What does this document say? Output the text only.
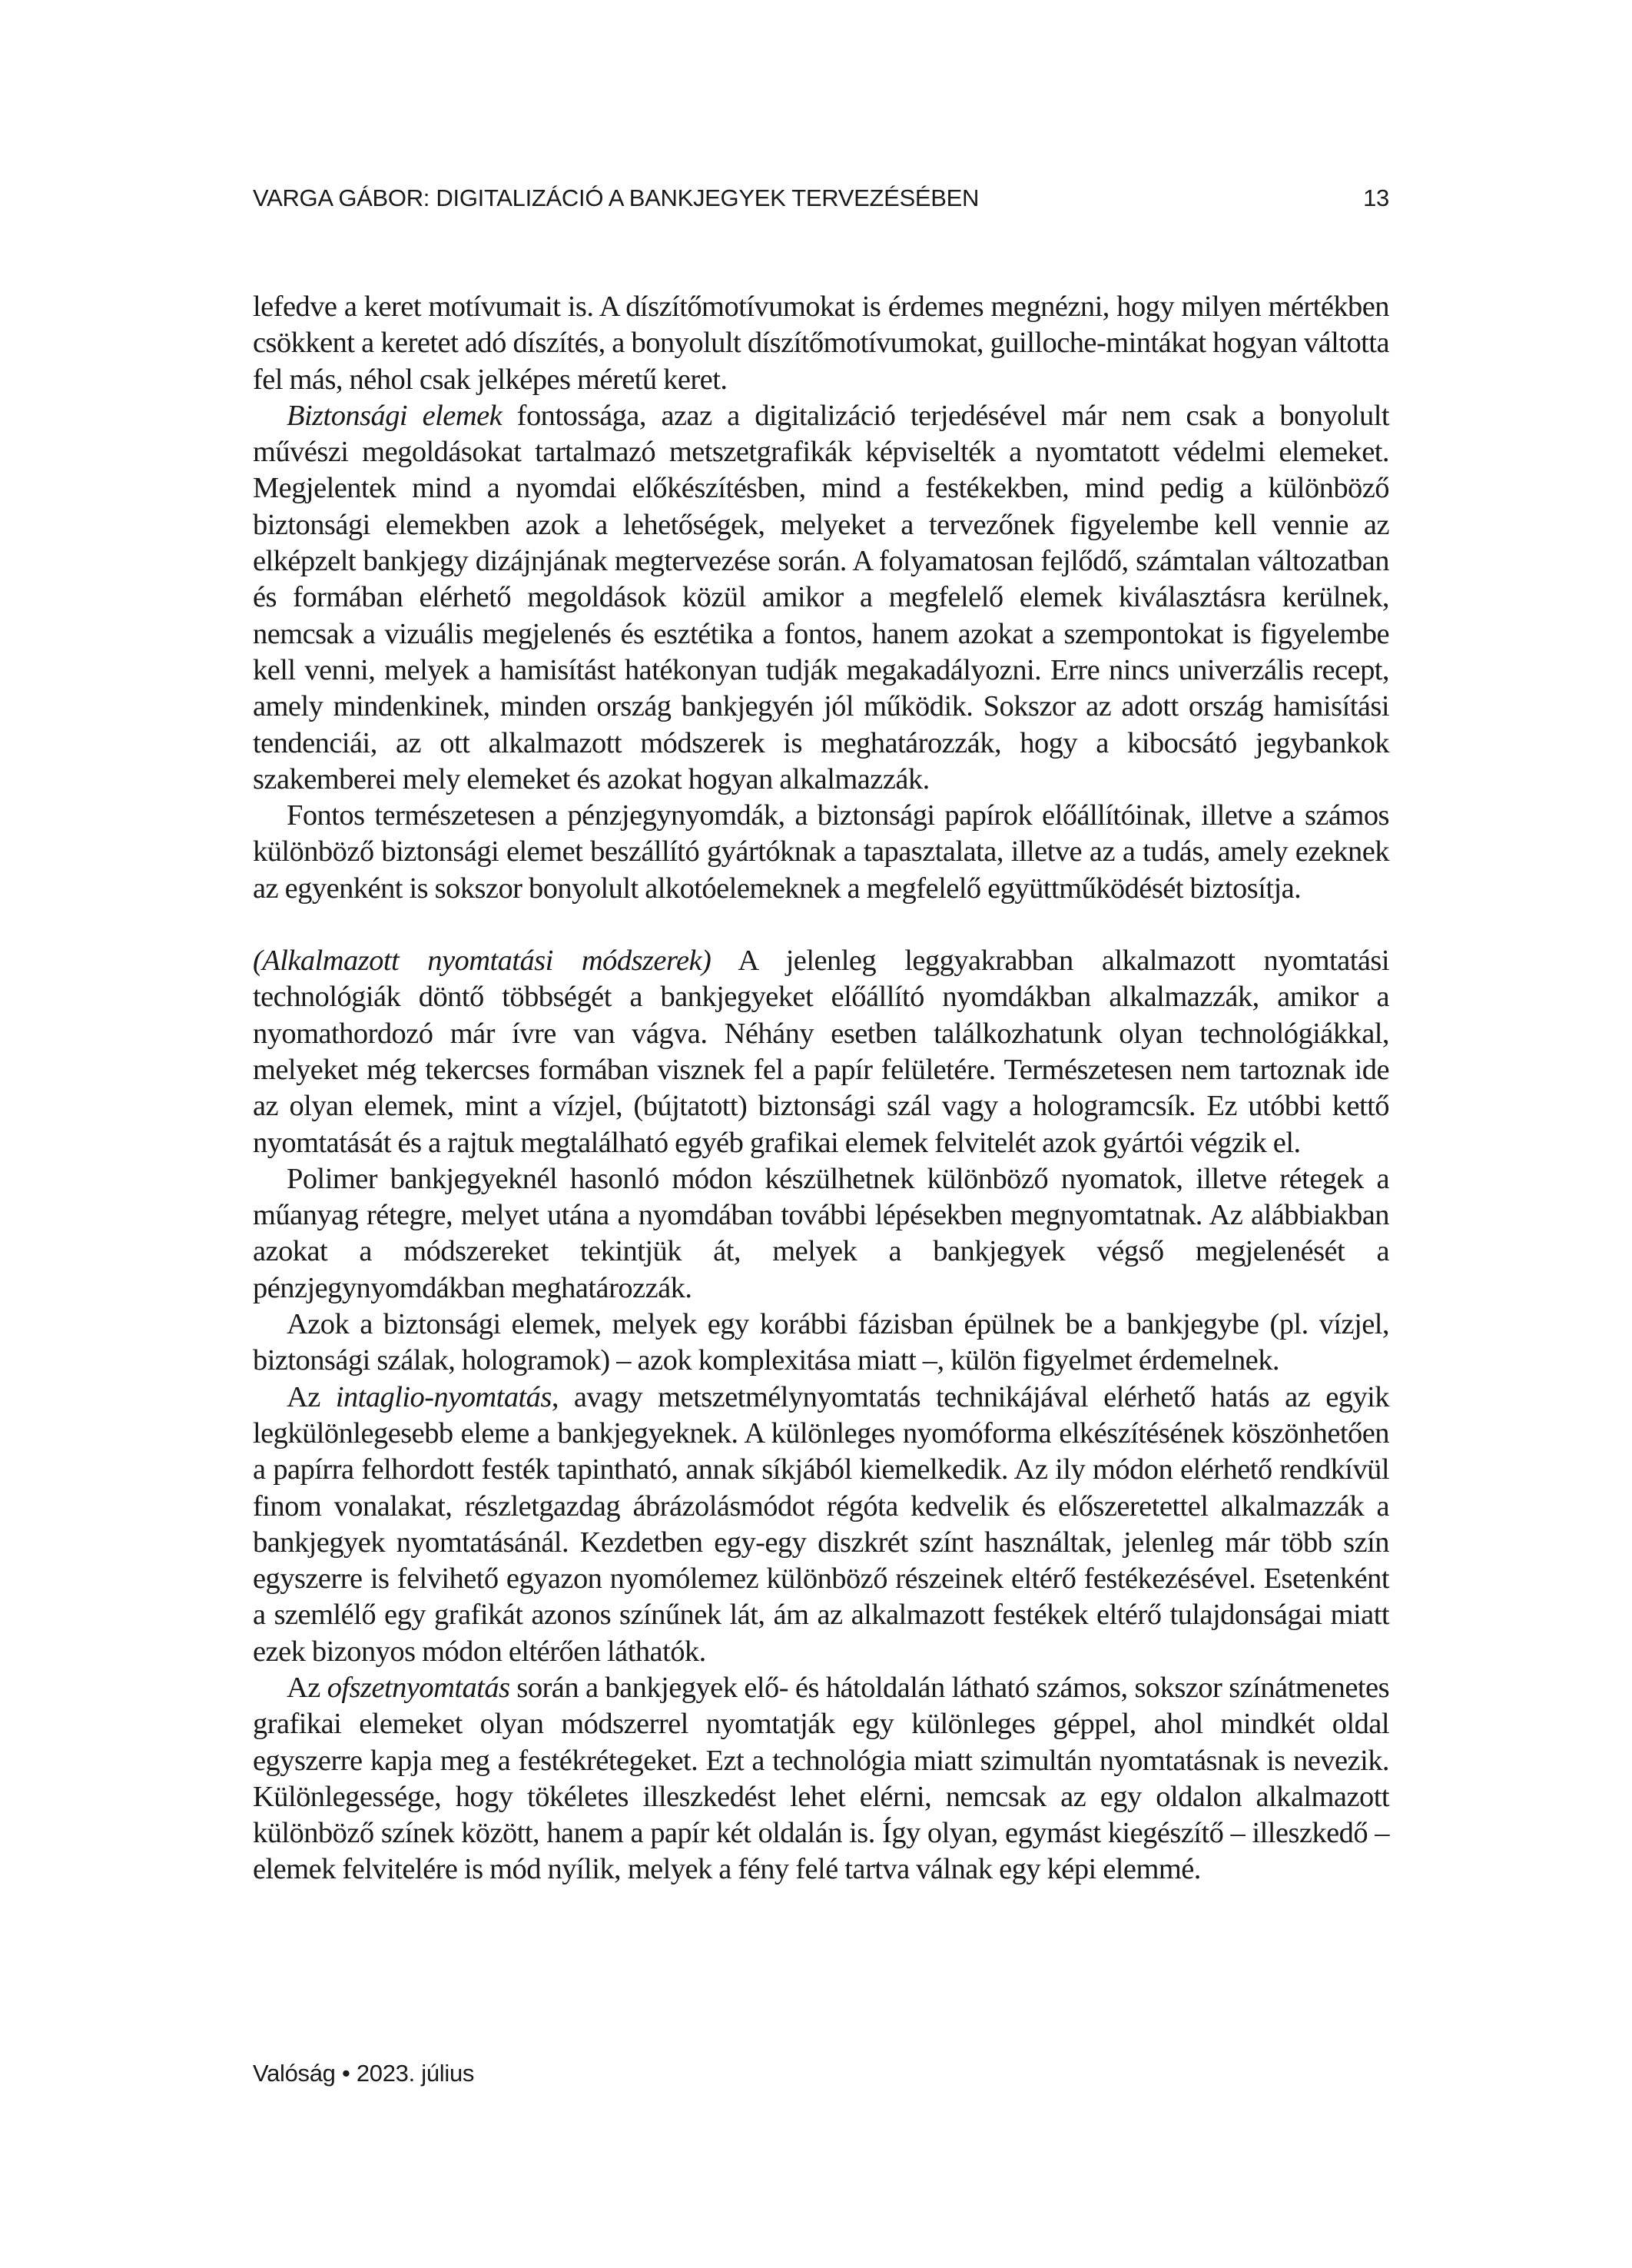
VARGA GÁBOR: DIGITALIZÁCIÓ A BANKJEGYEK TERVEZÉSÉBEN	13

lefedve a keret motívumait is. A díszítőmotívumokat is érdemes megnézni, hogy milyen mértékben csökkent a keretet adó díszítés, a bonyolult díszítőmotívumokat, guilloche-mintákat hogyan váltotta fel más, néhol csak jelképes méretű keret.

Biztonsági elemek fontossága, azaz a digitalizáció terjedésével már nem csak a bonyolult művészi megoldásokat tartalmazó metszetgrafikák képviselték a nyomtatott védelmi elemeket. Megjelentek mind a nyomdai előkészítésben, mind a festékekben, mind pedig a különböző biztonsági elemekben azok a lehetőségek, melyeket a tervezőnek figyelembe kell vennie az elképzelt bankjegy dizájnjának megtervezése során. A folyamatosan fejlődő, számtalan változatban és formában elérhető megoldások közül amikor a megfelelő elemek kiválasztásra kerülnek, nemcsak a vizuális megjelenés és esztétika a fontos, hanem azokat a szempontokat is figyelembe kell venni, melyek a hamisítást hatékonyan tudják megakadályozni. Erre nincs univerzális recept, amely mindenkinek, minden ország bankjegyén jól működik. Sokszor az adott ország hamisítási tendenciái, az ott alkalmazott módszerek is meghatározzák, hogy a kibocsátó jegybankok szakemberei mely elemeket és azokat hogyan alkalmazzák.

Fontos természetesen a pénzjegynyomdák, a biztonsági papírok előállítóinak, illetve a számos különböző biztonsági elemet beszállító gyártóknak a tapasztalata, illetve az a tudás, amely ezeknek az egyenként is sokszor bonyolult alkotóelemeknek a megfelelő együttműködését biztosítja.

(Alkalmazott nyomtatási módszerek) A jelenleg leggyakrabban alkalmazott nyomtatási technológiák döntő többségét a bankjegyeket előállító nyomdákban alkalmazzák, amikor a nyomathordozó már ívre van vágva. Néhány esetben találkozhatunk olyan technológiákkal, melyeket még tekercses formában visznek fel a papír felületére. Természetesen nem tartoznak ide az olyan elemek, mint a vízjel, (bújtatott) biztonsági szál vagy a hologramcsík. Ez utóbbi kettő nyomtatását és a rajtuk megtalálható egyéb grafikai elemek felvitelét azok gyártói végzik el.

Polimer bankjegyeknél hasonló módon készülhetnek különböző nyomatok, illetve rétegek a műanyag rétegre, melyet utána a nyomdában további lépésekben megnyomtatnak. Az alábbiakban azokat a módszereket tekintjük át, melyek a bankjegyek végső megjelenését a pénzjegynyomdákban meghatározzák.

Azok a biztonsági elemek, melyek egy korábbi fázisban épülnek be a bankjegybe (pl. vízjel, biztonsági szálak, hologramok) – azok komplexitása miatt –, külön figyelmet érdemelnek.

Az intaglio-nyomtatás, avagy metszetmélynyomtatás technikájával elérhető hatás az egyik legkülönlegesebb eleme a bankjegyeknek. A különleges nyomóforma elkészítésének köszönhetően a papírra felhordott festék tapintható, annak síkjából kiemelkedik. Az ily módon elérhető rendkívül finom vonalakat, részletgazdag ábrázolásmódot régóta kedvelik és előszeretettel alkalmazzák a bankjegyek nyomtatásánál. Kezdetben egy-egy diszkrét színt használtak, jelenleg már több szín egyszerre is felvihető egyazon nyomólemez különböző részeinek eltérő festékezésével. Esetenként a szemlélő egy grafikát azonos színűnek lát, ám az alkalmazott festékek eltérő tulajdonságai miatt ezek bizonyos módon eltérően láthatók.

Az ofszetnyomtatás során a bankjegyek elő- és hátoldalán látható számos, sokszor színátmenetes grafikai elemeket olyan módszerrel nyomtatják egy különleges géppel, ahol mindkét oldal egyszerre kapja meg a festékrétegeket. Ezt a technológia miatt szimultán nyomtatásnak is nevezik. Különlegessége, hogy tökéletes illeszkedést lehet elérni, nemcsak az egy oldalon alkalmazott különböző színek között, hanem a papír két oldalán is. Így olyan, egymást kiegészítő – illeszkedő – elemek felvitelére is mód nyílik, melyek a fény felé tartva válnak egy képi elemmé.

Valóság • 2023. július
